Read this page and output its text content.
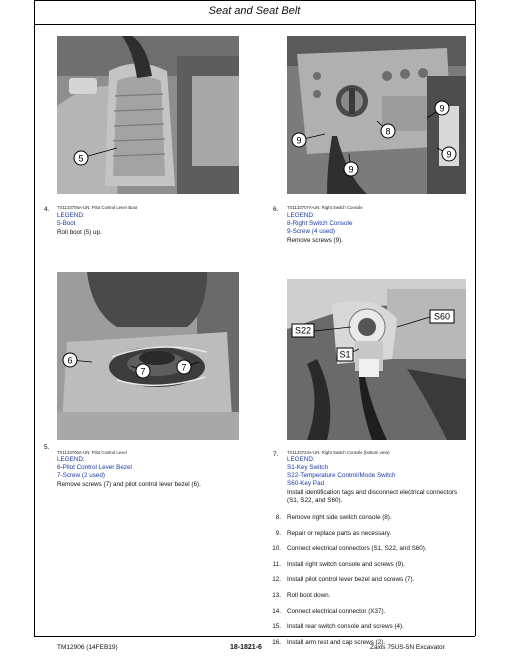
Seat and Seat Belt
5
TX1133705A-UN: Pilot Control Lever Boot
4.
LEGEND:
5-Boot
Roll boot (5) up.
9
9
8
9
9
TX1133707A-UN: Right Switch Console
6.
LEGEND:
8-Right Switch Console
9-Screw (4 used)
Remove screws (9).
6
7	7
TX1133706A-UN: Pilot Control Lever
5.
LEGEND:
6-Pilot Control Lever Bezel
7-Screw (2 used)
Remove screws (7) and pilot control lever bezel (6).
S22
S1
S60
TX1133724A-UN: Right Switch Console (bottom view)
7.
LEGEND:
S1-Key Switch
S22-Temperature Control/Mode Switch
S60-Key Pad
Install identification tags and disconnect electrical connectors
(S1, S22, and S60).
8. Remove right side switch console (8).
9. Repair or replace parts as necessary.
10. Connect electrical connectors (S1, S22, and S60).
11. Install right switch console and screws (9).
12. Install pilot control lever bezel and screws (7).
13. Roll boot down.
14. Connect electrical connector (X37).
15. Install rear switch console and screws (4).
16. Install arm rest and cap screws (2).
TM12906 (14FEB19)	18-1821-6	Zaxis 75US-5N Excavator
